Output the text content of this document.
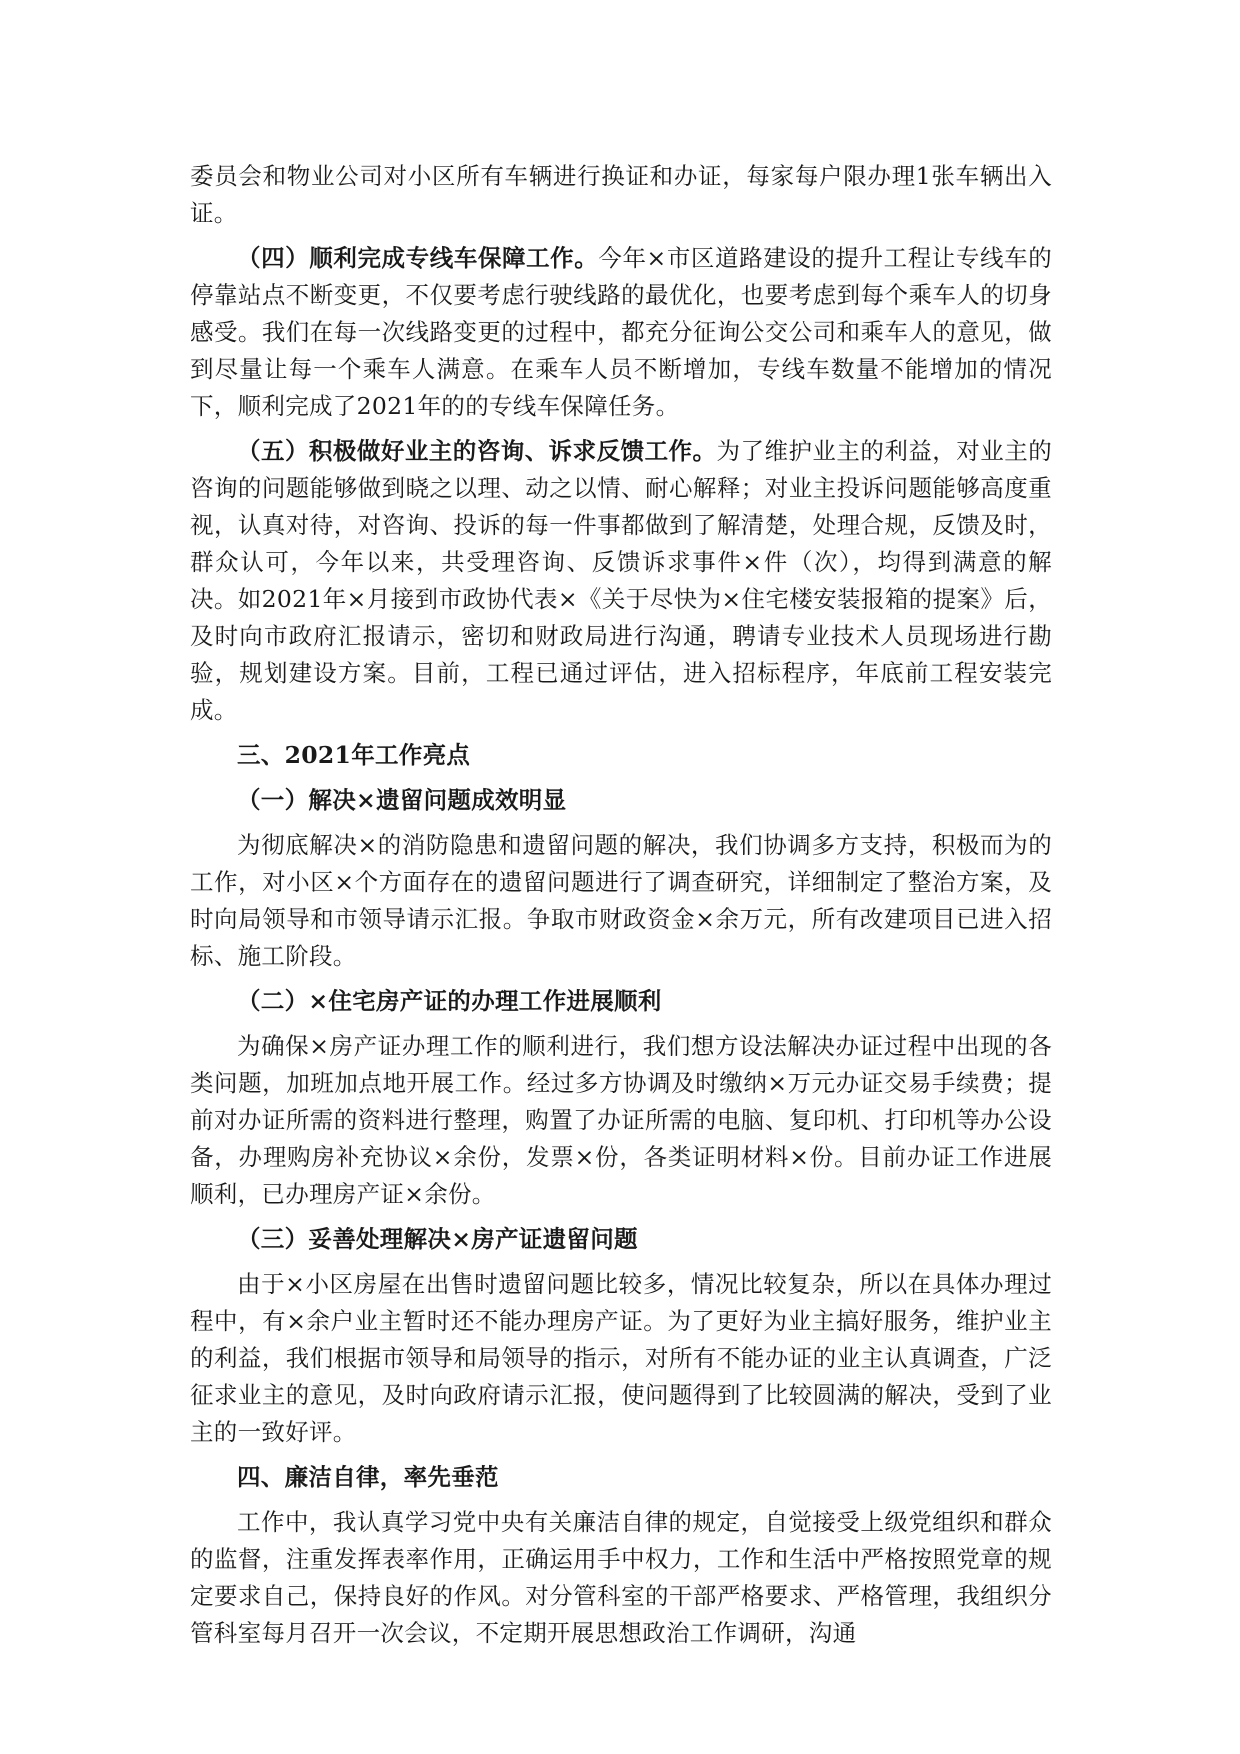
委员会和物业公司对小区所有车辆进行换证和办证，每家每户限办理1张车辆出入证。

（四）顺利完成专线车保障工作。今年×市区道路建设的提升工程让专线车的停靠站点不断变更，不仅要考虑行驶线路的最优化，也要考虑到每个乘车人的切身感受。我们在每一次线路变更的过程中，都充分征询公交公司和乘车人的意见，做到尽量让每一个乘车人满意。在乘车人员不断增加，专线车数量不能增加的情况下，顺利完成了2021年的的专线车保障任务。

（五）积极做好业主的咨询、诉求反馈工作。为了维护业主的利益，对业主的咨询的问题能够做到晓之以理、动之以情、耐心解释；对业主投诉问题能够高度重视，认真对待，对咨询、投诉的每一件事都做到了解清楚，处理合规，反馈及时，群众认可，今年以来，共受理咨询、反馈诉求事件×件（次），均得到满意的解决。如2021年×月接到市政协代表×《关于尽快为×住宅楼安装报箱的提案》后，及时向市政府汇报请示，密切和财政局进行沟通，聘请专业技术人员现场进行勘验，规划建设方案。目前，工程已通过评估，进入招标程序，年底前工程安装完成。

三、2021年工作亮点

（一）解决×遗留问题成效明显

为彻底解决×的消防隐患和遗留问题的解决，我们协调多方支持，积极而为的工作，对小区×个方面存在的遗留问题进行了调查研究，详细制定了整治方案，及时向局领导和市领导请示汇报。争取市财政资金×余万元，所有改建项目已进入招标、施工阶段。

（二）×住宅房产证的办理工作进展顺利

为确保×房产证办理工作的顺利进行，我们想方设法解决办证过程中出现的各类问题，加班加点地开展工作。经过多方协调及时缴纳×万元办证交易手续费；提前对办证所需的资料进行整理，购置了办证所需的电脑、复印机、打印机等办公设备，办理购房补充协议×余份，发票×份，各类证明材料×份。目前办证工作进展顺利，已办理房产证×余份。

（三）妥善处理解决×房产证遗留问题

由于×小区房屋在出售时遗留问题比较多，情况比较复杂，所以在具体办理过程中，有×余户业主暂时还不能办理房产证。为了更好为业主搞好服务，维护业主的利益，我们根据市领导和局领导的指示，对所有不能办证的业主认真调查，广泛征求业主的意见，及时向政府请示汇报，使问题得到了比较圆满的解决，受到了业主的一致好评。

四、廉洁自律，率先垂范

工作中，我认真学习党中央有关廉洁自律的规定，自觉接受上级党组织和群众的监督，注重发挥表率作用，正确运用手中权力，工作和生活中严格按照党章的规定要求自己，保持良好的作风。对分管科室的干部严格要求、严格管理，我组织分管科室每月召开一次会议，不定期开展思想政治工作调研，沟通
